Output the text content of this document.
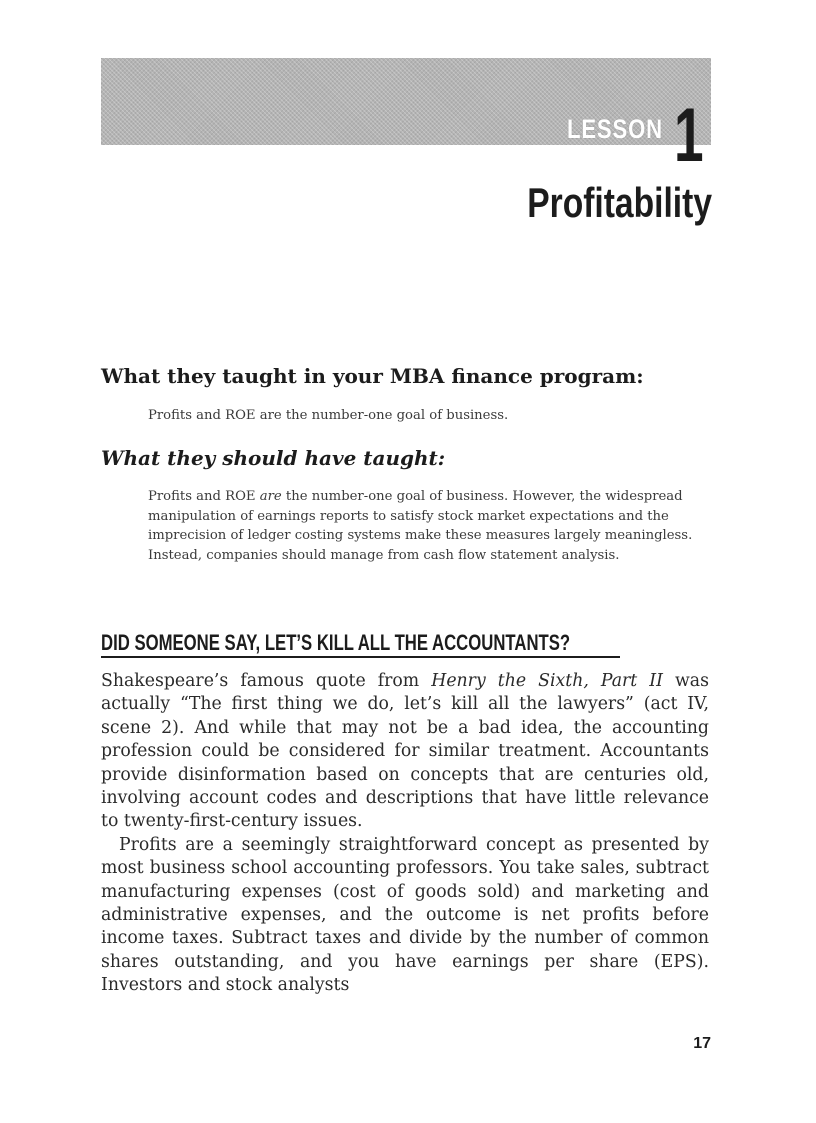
LESSON 1
Profitability
What they taught in your MBA finance program:
Profits and ROE are the number-one goal of business.
What they should have taught:
Profits and ROE are the number-one goal of business. However, the widespread manipulation of earnings reports to satisfy stock market expectations and the imprecision of ledger costing systems make these measures largely meaningless. Instead, companies should manage from cash flow statement analysis.
DID SOMEONE SAY, LET’S KILL ALL THE ACCOUNTANTS?

Shakespeare’s famous quote from Henry the Sixth, Part II was actually “The first thing we do, let’s kill all the lawyers” (act IV, scene 2). And while that may not be a bad idea, the accounting profession could be considered for similar treatment. Accountants provide disinformation based on concepts that are centuries old, involving account codes and descriptions that have little relevance to twenty-first-century issues.

Profits are a seemingly straightforward concept as presented by most business school accounting professors. You take sales, subtract manufacturing expenses (cost of goods sold) and marketing and administrative expenses, and the outcome is net profits before income taxes. Subtract taxes and divide by the number of common shares outstanding, and you have earnings per share (EPS). Investors and stock analysts

17
